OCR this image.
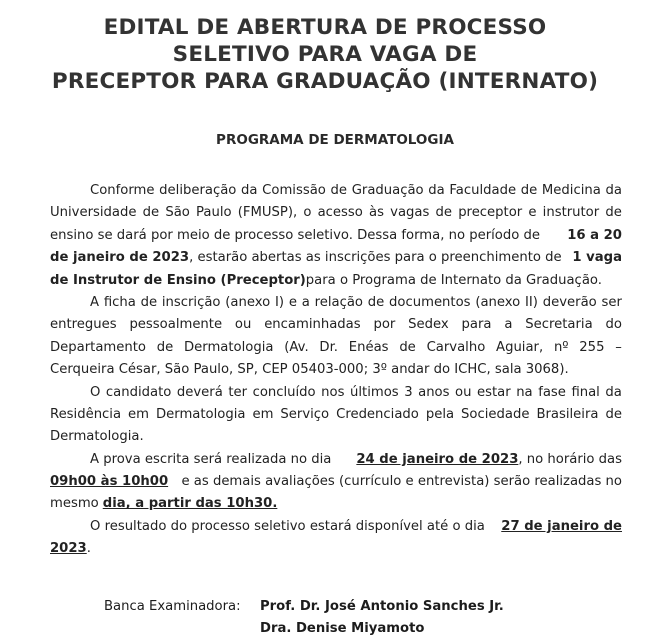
EDITAL DE ABERTURA DE PROCESSO
SELETIVO PARA VAGA DE
PRECEPTOR PARA GRADUAÇÃO (INTERNATO)
PROGRAMA DE DERMATOLOGIA
Conforme deliberação da Comissão de Graduação da Faculdade de Medicina da
Universidade de São Paulo (FMUSP), o acesso às vagas de preceptor e instrutor de
ensino se dará por meio de processo seletivo. Dessa forma, no período de 16 a 20
de janeiro de 2023, estarão abertas as inscrições para o preenchimento de 1 vaga
de Instrutor de Ensino (Preceptor) para o Programa de Internato da Graduação.
A ficha de inscrição (anexo I) e a relação de documentos (anexo II) deverão ser
entregues pessoalmente ou encaminhadas por Sedex para a Secretaria do
Departamento de Dermatologia (Av. Dr. Enéas de Carvalho Aguiar, nº 255 –
Cerqueira César, São Paulo, SP, CEP 05403-000; 3º andar do ICHC, sala 3068).
O candidato deverá ter concluído nos últimos 3 anos ou estar na fase final da
Residência em Dermatologia em Serviço Credenciado pela Sociedade Brasileira de
Dermatologia.
A prova escrita será realizada no dia 24 de janeiro de 2023, no horário das
09h00 às 10h00 e as demais avaliações (currículo e entrevista) serão realizadas no
mesmo dia, a partir das 10h30.
O resultado do processo seletivo estará disponível até o dia 27 de janeiro de
2023.
Banca Examinadora: Prof. Dr. José Antonio Sanches Jr.
Dra. Denise Miyamoto
